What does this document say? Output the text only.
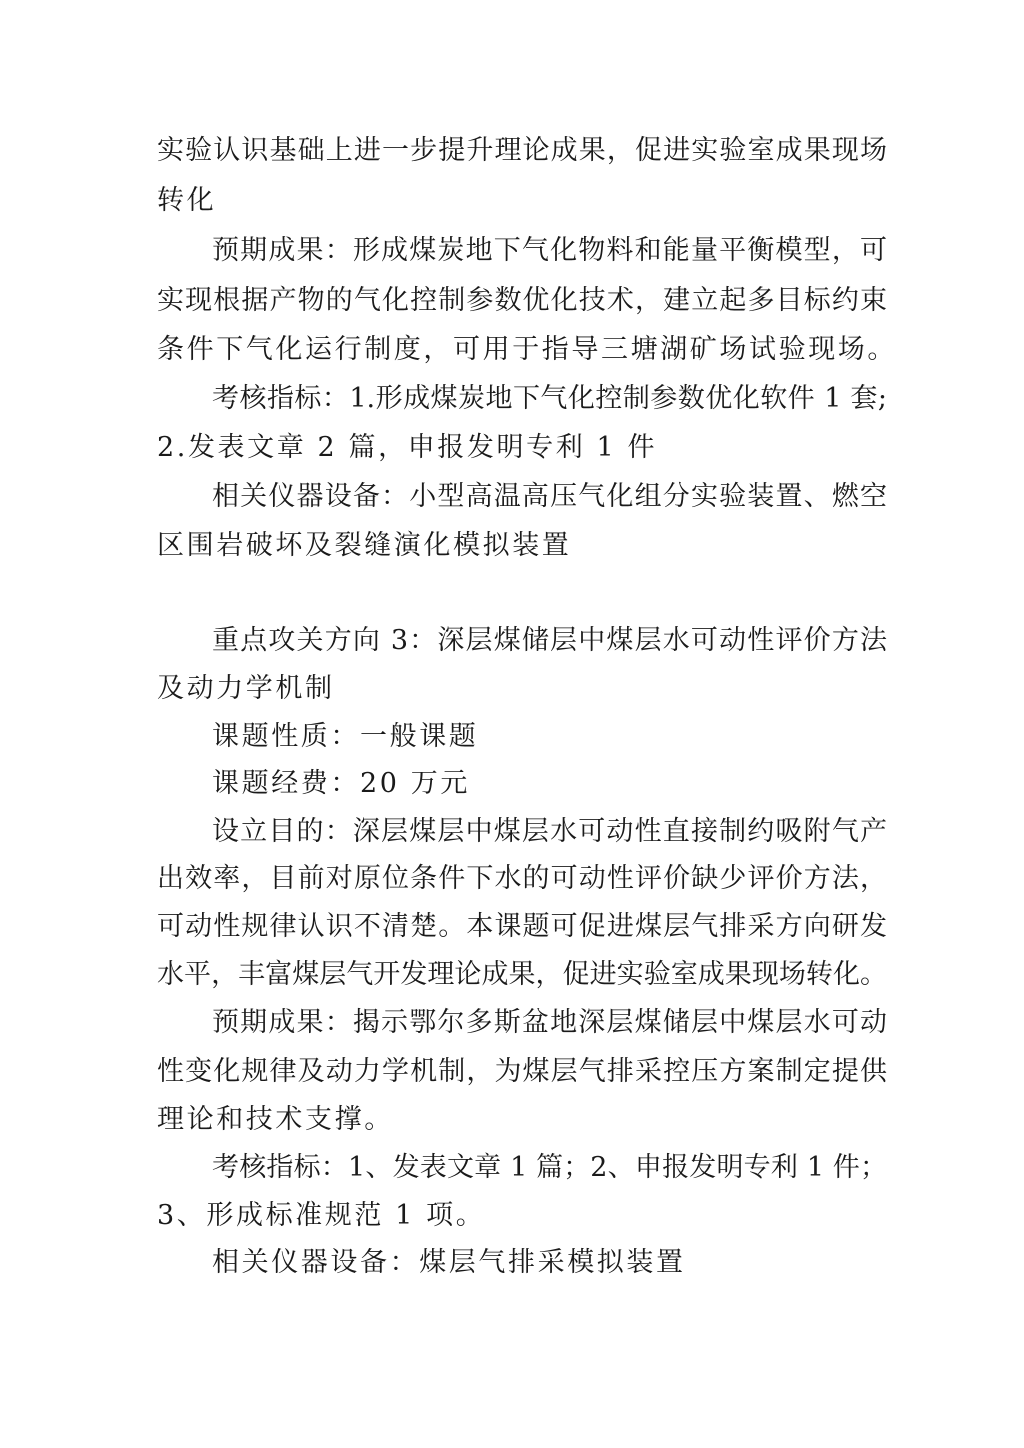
实验认识基础上进一步提升理论成果，促进实验室成果现场
转化
预期成果：形成煤炭地下气化物料和能量平衡模型，可
实现根据产物的气化控制参数优化技术，建立起多目标约束
条件下气化运行制度，可用于指导三塘湖矿场试验现场。
考核指标：1.形成煤炭地下气化控制参数优化软件 1 套;
2.发表文章 2 篇，申报发明专利 1 件
相关仪器设备：小型高温高压气化组分实验装置、燃空
区围岩破坏及裂缝演化模拟装置
重点攻关方向 3：深层煤储层中煤层水可动性评价方法
及动力学机制
课题性质：一般课题
课题经费：20 万元
设立目的：深层煤层中煤层水可动性直接制约吸附气产
出效率，目前对原位条件下水的可动性评价缺少评价方法，
可动性规律认识不清楚。本课题可促进煤层气排采方向研发
水平，丰富煤层气开发理论成果，促进实验室成果现场转化。
预期成果：揭示鄂尔多斯盆地深层煤储层中煤层水可动
性变化规律及动力学机制，为煤层气排采控压方案制定提供
理论和技术支撑。
考核指标：1、发表文章 1 篇；2、申报发明专利 1 件；
3、形成标准规范 1 项。
相关仪器设备：煤层气排采模拟装置
